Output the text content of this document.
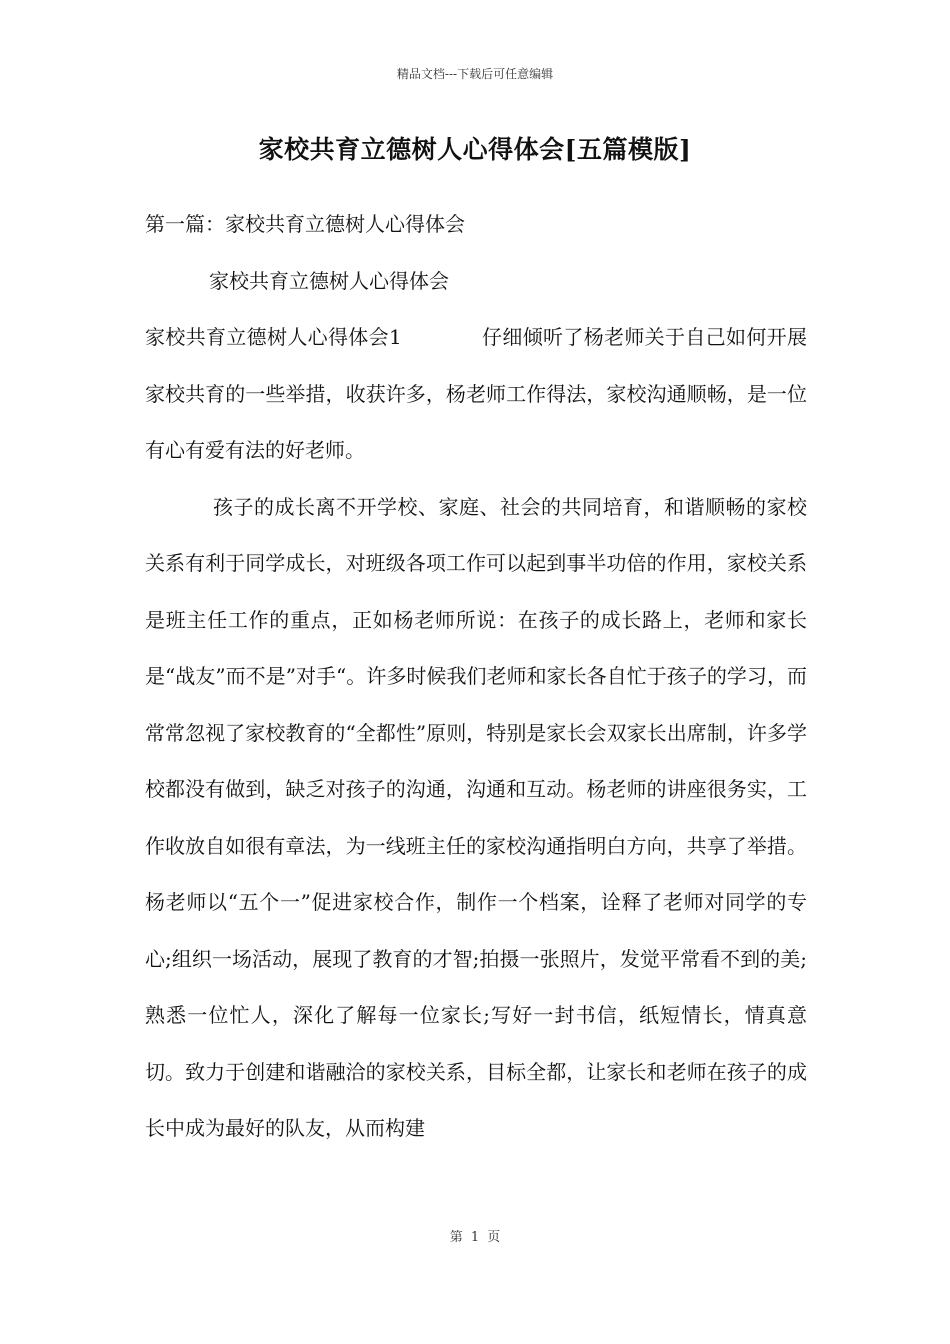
精品文档---下载后可任意编辑
家校共育立德树人心得体会[五篇模版]

第一篇：家校共育立德树人心得体会

家校共育立德树人心得体会

家校共育立德树人心得体会1	仔细倾听了杨老师关于自己如何开展家校共育的一些举措，收获许多，杨老师工作得法，家校沟通顺畅，是一位有心有爱有法的好老师。

孩子的成长离不开学校、家庭、社会的共同培育，和谐顺畅的家校关系有利于同学成长，对班级各项工作可以起到事半功倍的作用，家校关系是班主任工作的重点，正如杨老师所说：在孩子的成长路上，老师和家长是“战友”而不是”对手“。许多时候我们老师和家长各自忙于孩子的学习，而常常忽视了家校教育的“全都性”原则，特别是家长会双家长出席制，许多学校都没有做到，缺乏对孩子的沟通，沟通和互动。杨老师的讲座很务实，工作收放自如很有章法，为一线班主任的家校沟通指明白方向，共享了举措。杨老师以“五个一”促进家校合作，制作一个档案，诠释了老师对同学的专心;组织一场活动，展现了教育的才智;拍摄一张照片，发觉平常看不到的美;熟悉一位忙人，深化了解每一位家长;写好一封书信，纸短情长，情真意切。致力于创建和谐融洽的家校关系，目标全都，让家长和老师在孩子的成长中成为最好的队友，从而构建

第 1 页
